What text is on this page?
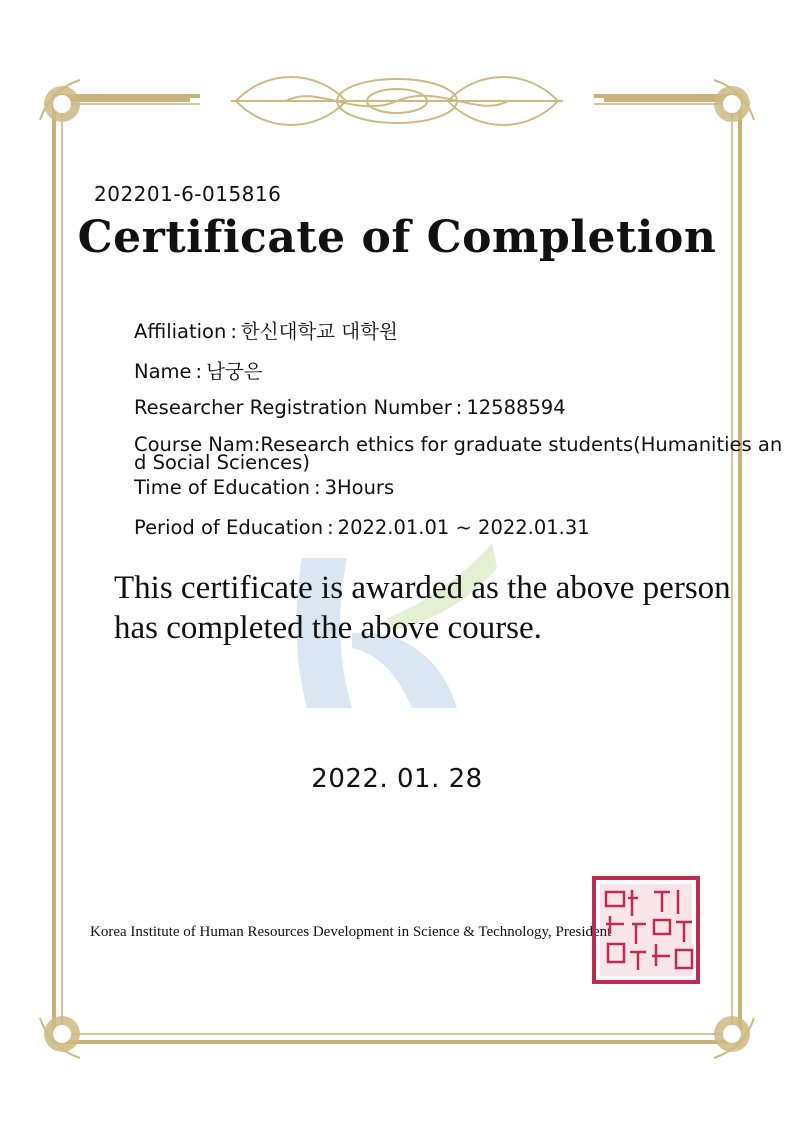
202201-6-015816
Certificate of Completion
Affiliation : 한신대학교 대학원
Name : 남궁은
Researcher Registration Number : 12588594
Course Nam:Research ethics for graduate students(Humanities and Social Sciences)
Time of Education : 3Hours
Period of Education : 2022.01.01 ~ 2022.01.31
This certificate is awarded as the above person has completed the above course.
2022. 01. 28
Korea Institute of Human Resources Development in Science & Technology, President
